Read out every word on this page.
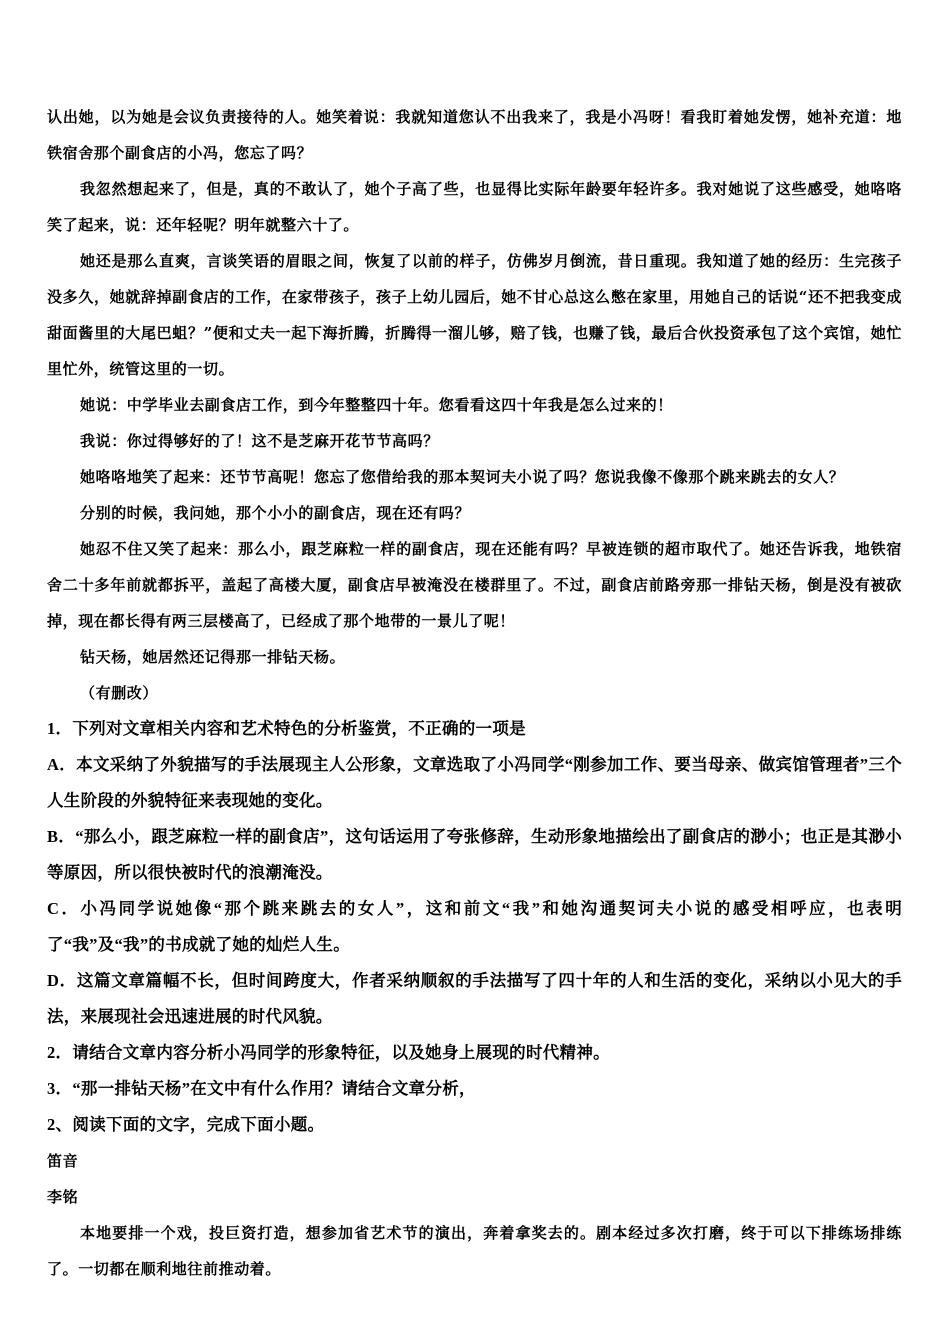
认出她，以为她是会议负责接待的人。她笑着说：我就知道您认不出我来了，我是小冯呀！看我盯着她发愣，她补充道：地铁宿舍那个副食店的小冯，您忘了吗？

我忽然想起来了，但是，真的不敢认了，她个子高了些，也显得比实际年龄要年轻许多。我对她说了这些感受，她咯咯笑了起来，说：还年轻呢？明年就整六十了。

她还是那么直爽，言谈笑语的眉眼之间，恢复了以前的样子，仿佛岁月倒流，昔日重现。我知道了她的经历：生完孩子没多久，她就辞掉副食店的工作，在家带孩子，孩子上幼儿园后，她不甘心总这么憋在家里，用她自己的话说“还不把我变成甜面酱里的大尾巴蛆？”便和丈夫一起下海折腾，折腾得一溜儿够，赔了钱，也赚了钱，最后合伙投资承包了这个宾馆，她忙里忙外，统管这里的一切。

她说：中学毕业去副食店工作，到今年整整四十年。您看看这四十年我是怎么过来的！

我说：你过得够好的了！这不是芝麻开花节节高吗？

她咯咯地笑了起来：还节节高呢！您忘了您借给我的那本契诃夫小说了吗？您说我像不像那个跳来跳去的女人？

分别的时候，我问她，那个小小的副食店，现在还有吗？

她忍不住又笑了起来：那么小，跟芝麻粒一样的副食店，现在还能有吗？早被连锁的超市取代了。她还告诉我，地铁宿舍二十多年前就都拆平，盖起了高楼大厦，副食店早被淹没在楼群里了。不过，副食店前路旁那一排钻天杨，倒是没有被砍掉，现在都长得有两三层楼高了，已经成了那个地带的一景儿了呢！

钻天杨，她居然还记得那一排钻天杨。

（有删改）

1．下列对文章相关内容和艺术特色的分析鉴赏，不正确的一项是

A．本文采纳了外貌描写的手法展现主人公形象，文章选取了小冯同学“刚参加工作、要当母亲、做宾馆管理者”三个人生阶段的外貌特征来表现她的变化。

B．“那么小，跟芝麻粒一样的副食店”，这句话运用了夸张修辞，生动形象地描绘出了副食店的渺小；也正是其渺小等原因，所以很快被时代的浪潮淹没。

C．小冯同学说她像“那个跳来跳去的女人”，这和前文“我”和她沟通契诃夫小说的感受相呼应，也表明了“我”及“我”的书成就了她的灿烂人生。

D．这篇文章篇幅不长，但时间跨度大，作者采纳顺叙的手法描写了四十年的人和生活的变化，采纳以小见大的手法，来展现社会迅速进展的时代风貌。

2．请结合文章内容分析小冯同学的形象特征，以及她身上展现的时代精神。

3．“那一排钻天杨”在文中有什么作用？请结合文章分析，

2、阅读下面的文字，完成下面小题。

笛音

李铭

本地要排一个戏，投巨资打造，想参加省艺术节的演出，奔着拿奖去的。剧本经过多次打磨，终于可以下排练场排练了。一切都在顺利地往前推动着。
